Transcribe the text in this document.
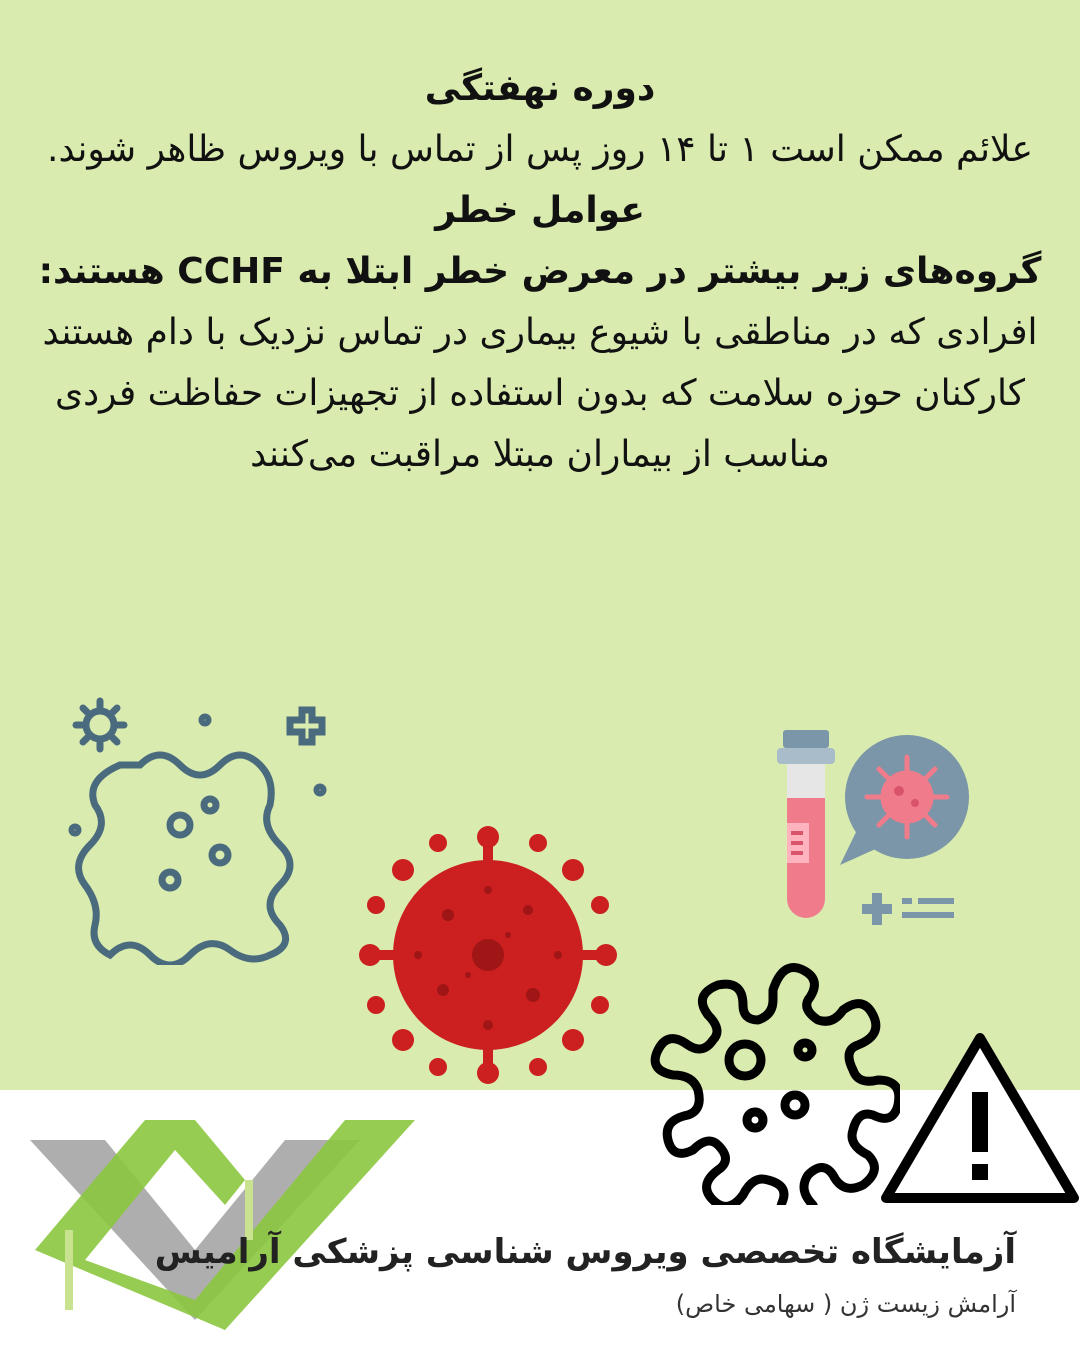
دوره نهفتگی
علائم ممکن است ۱ تا ۱۴ روز پس از تماس با ویروس ظاهر شوند.
عوامل خطر
گروه‌های زیر بیشتر در معرض خطر ابتلا به CCHF هستند:
افرادی که در مناطقی با شیوع بیماری در تماس نزدیک با دام هستند
کارکنان حوزه سلامت که بدون استفاده از تجهیزات حفاظت فردی مناسب از بیماران مبتلا مراقبت می‌کنند
آزمایشگاه تخصصی ویروس شناسی پزشکی آرامیس
آرامش زیست ژن ( سهامی خاص)
